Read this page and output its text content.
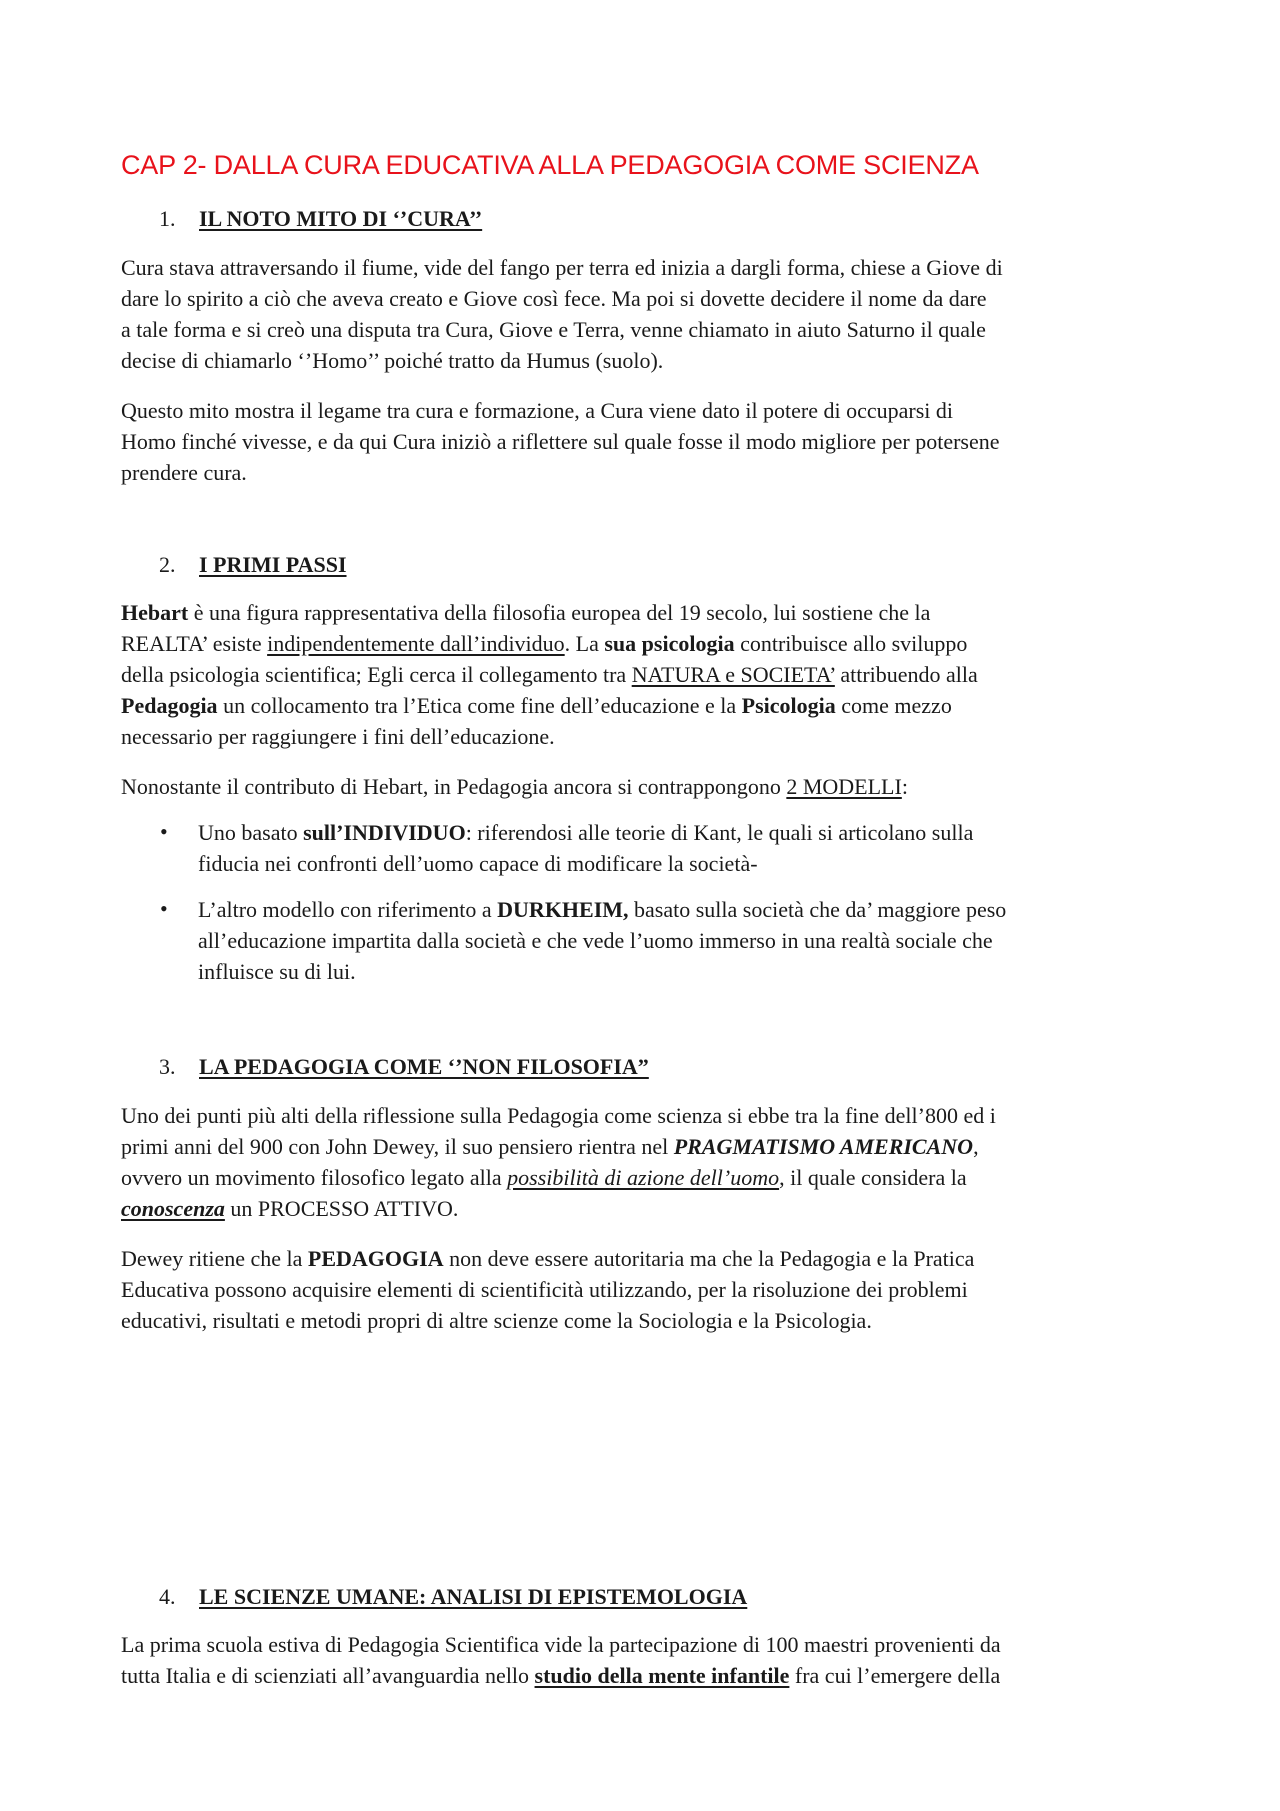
CAP 2- DALLA CURA EDUCATIVA ALLA PEDAGOGIA COME SCIENZA
1. IL NOTO MITO DI ‘’CURA’’
Cura stava attraversando il fiume, vide del fango per terra ed inizia a dargli forma, chiese a Giove di
dare lo spirito a ciò che aveva creato e Giove così fece. Ma poi si dovette decidere il nome da dare
a tale forma e si creò una disputa tra Cura, Giove e Terra, venne chiamato in aiuto Saturno il quale
decise di chiamarlo ‘’Homo’’ poiché tratto da Humus (suolo).
Questo mito mostra il legame tra cura e formazione, a Cura viene dato il potere di occuparsi di
Homo finché vivesse, e da qui Cura iniziò a riflettere sul quale fosse il modo migliore per potersene
prendere cura.
2. I PRIMI PASSI
Hebart è una figura rappresentativa della filosofia europea del 19 secolo, lui sostiene che la
REALTA’ esiste indipendentemente dall’individuo. La sua psicologia contribuisce allo sviluppo
della psicologia scientifica; Egli cerca il collegamento tra NATURA e SOCIETA’ attribuendo alla
Pedagogia un collocamento tra l’Etica come fine dell’educazione e la Psicologia come mezzo
necessario per raggiungere i fini dell’educazione.
Nonostante il contributo di Hebart, in Pedagogia ancora si contrappongono 2 MODELLI:
• Uno basato sull’INDIVIDUO: riferendosi alle teorie di Kant, le quali si articolano sulla
fiducia nei confronti dell’uomo capace di modificare la società-
• L’altro modello con riferimento a DURKHEIM, basato sulla società che da’ maggiore peso
all’educazione impartita dalla società e che vede l’uomo immerso in una realtà sociale che
influisce su di lui.
3. LA PEDAGOGIA COME ‘’NON FILOSOFIA”
Uno dei punti più alti della riflessione sulla Pedagogia come scienza si ebbe tra la fine dell’800 ed i
primi anni del 900 con John Dewey, il suo pensiero rientra nel PRAGMATISMO AMERICANO,
ovvero un movimento filosofico legato alla possibilità di azione dell’uomo, il quale considera la
conoscenza un PROCESSO ATTIVO.
Dewey ritiene che la PEDAGOGIA non deve essere autoritaria ma che la Pedagogia e la Pratica
Educativa possono acquisire elementi di scientificità utilizzando, per la risoluzione dei problemi
educativi, risultati e metodi propri di altre scienze come la Sociologia e la Psicologia.
4. LE SCIENZE UMANE: ANALISI DI EPISTEMOLOGIA
La prima scuola estiva di Pedagogia Scientifica vide la partecipazione di 100 maestri provenienti da
tutta Italia e di scienziati all’avanguardia nello studio della mente infantile fra cui l’emergere della
